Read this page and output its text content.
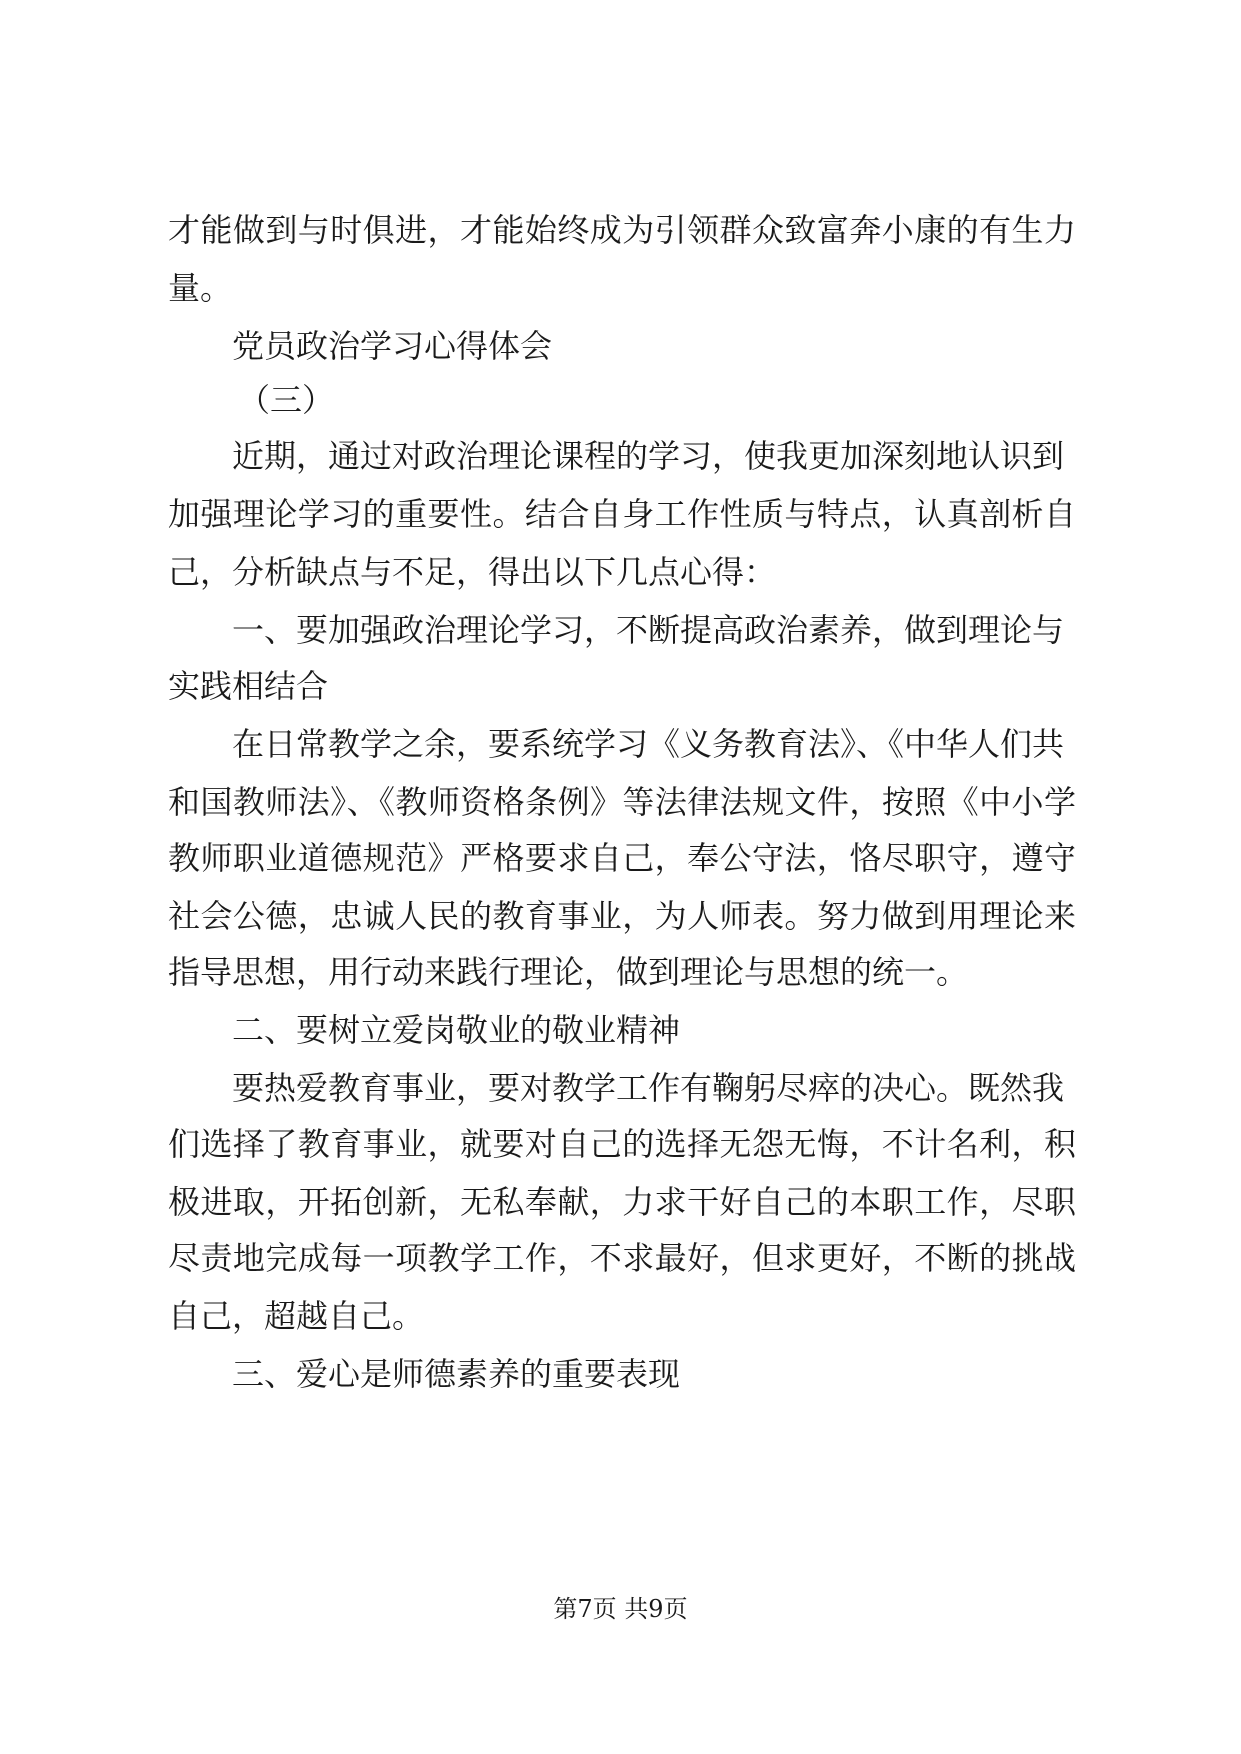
才能做到与时俱进，才能始终成为引领群众致富奔小康的有生力
量。
党员政治学习心得体会
（三）
近期，通过对政治理论课程的学习，使我更加深刻地认识到
加强理论学习的重要性。结合自身工作性质与特点，认真剖析自
己，分析缺点与不足，得出以下几点心得：
一、要加强政治理论学习，不断提高政治素养，做到理论与
实践相结合
在日常教学之余，要系统学习《义务教育法》、《中华人们共
和国教师法》、《教师资格条例》等法律法规文件，按照《中小学
教师职业道德规范》严格要求自己，奉公守法，恪尽职守，遵守
社会公德，忠诚人民的教育事业，为人师表。努力做到用理论来
指导思想，用行动来践行理论，做到理论与思想的统一。
二、要树立爱岗敬业的敬业精神
要热爱教育事业，要对教学工作有鞠躬尽瘁的决心。既然我
们选择了教育事业，就要对自己的选择无怨无悔，不计名利，积
极进取，开拓创新，无私奉献，力求干好自己的本职工作，尽职
尽责地完成每一项教学工作，不求最好，但求更好，不断的挑战
自己，超越自己。
三、爱心是师德素养的重要表现
第7页 共9页
